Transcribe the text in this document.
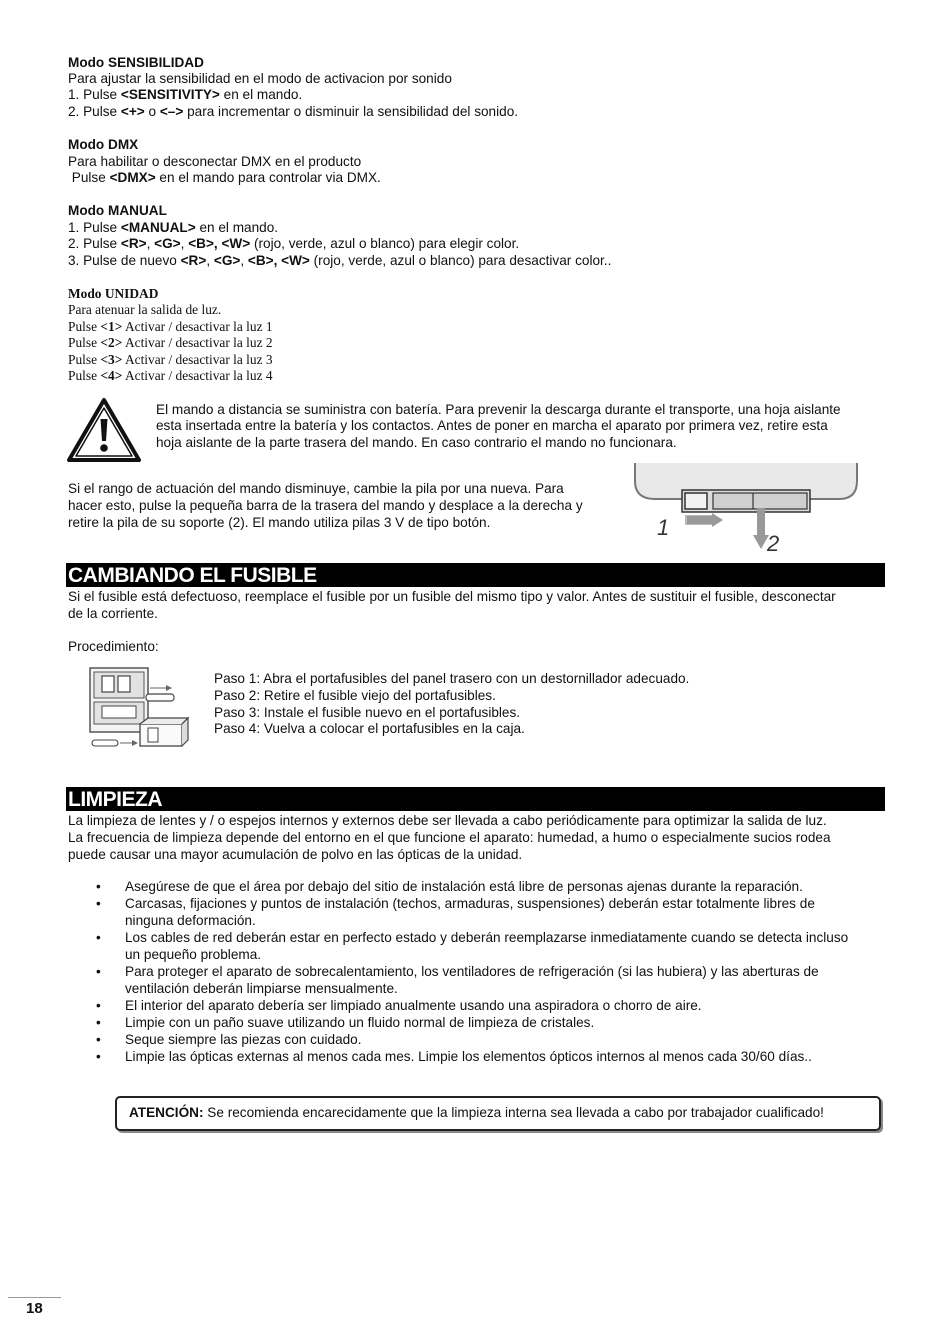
Modo SENSIBILIDAD
Para ajustar la sensibilidad en el modo de activacion por sonido
1. Pulse <SENSITIVITY> en el mando.
2. Pulse <+> o <–> para incrementar o disminuir la sensibilidad del sonido.
Modo DMX
Para habilitar o desconectar DMX en el producto
Pulse <DMX> en el mando para controlar via DMX.
Modo MANUAL
1. Pulse <MANUAL> en el mando.
2. Pulse <R>, <G>, <B>, <W> (rojo, verde, azul o blanco) para elegir color.
3. Pulse de nuevo <R>, <G>, <B>, <W> (rojo, verde, azul o blanco) para desactivar color..
Modo UNIDAD
Para atenuar la salida de luz.
Pulse <1> Activar / desactivar la luz 1
Pulse <2> Activar / desactivar la luz 2
Pulse <3> Activar / desactivar la luz 3
Pulse <4> Activar / desactivar la luz 4
El mando a distancia se suministra con batería. Para prevenir la descarga durante el transporte, una hoja aislante
esta insertada entre la batería y los contactos. Antes de poner en marcha el aparato por primera vez, retire esta
hoja aislante de la parte trasera del mando. En caso contrario el mando no funcionara.
Si el rango de actuación del mando disminuye, cambie la pila por una nueva. Para
hacer esto, pulse la pequeña barra de la trasera del mando y desplace a la derecha y
retire la pila de su soporte (2). El mando utiliza pilas 3 V de tipo botón.	1
2
CAMBIANDO EL FUSIBLE
Si el fusible está defectuoso, reemplace el fusible por un fusible del mismo tipo y valor. Antes de sustituir el fusible, desconectar
de la corriente.
Procedimiento:
Paso 1: Abra el portafusibles del panel trasero con un destornillador adecuado.
Paso 2: Retire el fusible viejo del portafusibles.
Paso 3: Instale el fusible nuevo en el portafusibles.
Paso 4: Vuelva a colocar el portafusibles en la caja.
LIMPIEZA
La limpieza de lentes y / o espejos internos y externos debe ser llevada a cabo periódicamente para optimizar la salida de luz.
La frecuencia de limpieza depende del entorno en el que funcione el aparato: humedad, a humo o especialmente sucios rodea
puede causar una mayor acumulación de polvo en las ópticas de la unidad.
• Asegúrese de que el área por debajo del sitio de instalación está libre de personas ajenas durante la reparación.
• Carcasas, fijaciones y puntos de instalación (techos, armaduras, suspensiones) deberán estar totalmente libres de ninguna deformación.
• Los cables de red deberán estar en perfecto estado y deberán reemplazarse inmediatamente cuando se detecta incluso un pequeño problema.
• Para proteger el aparato de sobrecalentamiento, los ventiladores de refrigeración (si las hubiera) y las aberturas de ventilación deberán limpiarse mensualmente.
• El interior del aparato debería ser limpiado anualmente usando una aspiradora o chorro de aire.
• Limpie con un paño suave utilizando un fluido normal de limpieza de cristales.
• Seque siempre las piezas con cuidado.
• Limpie las ópticas externas al menos cada mes. Limpie los elementos ópticos internos al menos cada 30/60 días..
ATENCIÓN: Se recomienda encarecidamente que la limpieza interna sea llevada a cabo por trabajador cualificado!
18
